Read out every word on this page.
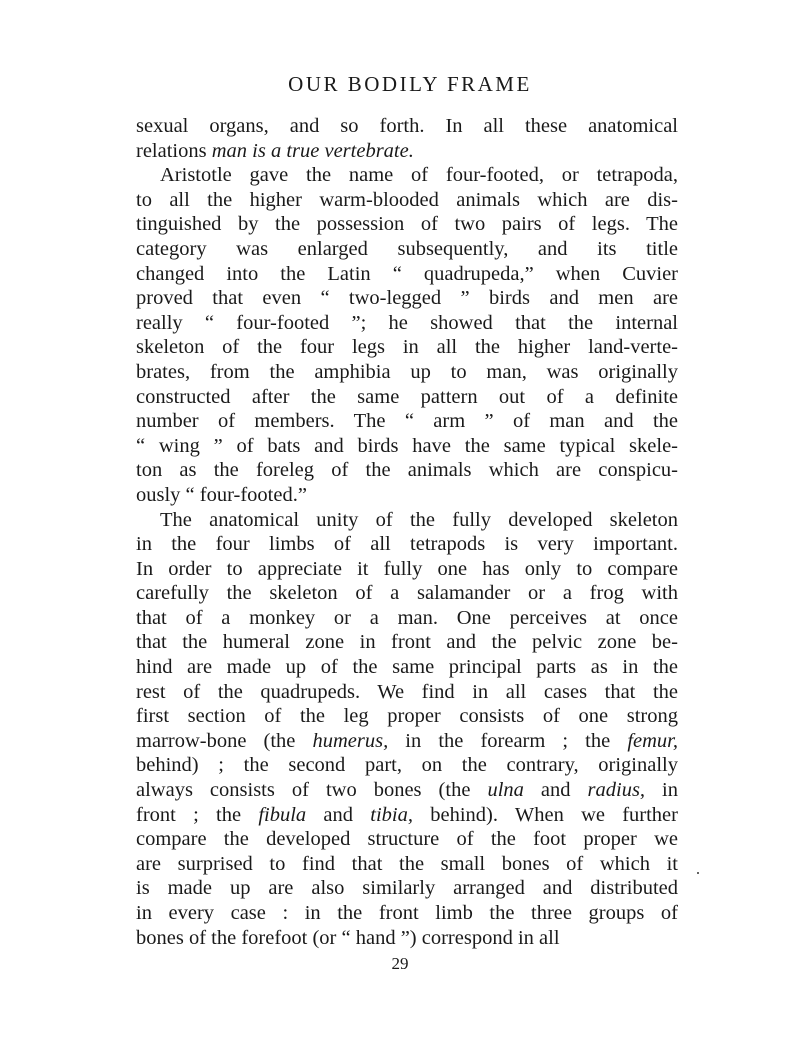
OUR BODILY FRAME

sexual organs, and so forth. In all these anatomical
relations man is a true vertebrate.

Aristotle gave the name of four-footed, or tetrapoda,
to all the higher warm-blooded animals which are dis-
tinguished by the possession of two pairs of legs. The
category was enlarged subsequently, and its title
changed into the Latin “ quadrupeda,” when Cuvier
proved that even “ two-legged ” birds and men are
really “ four-footed ”; he showed that the internal
skeleton of the four legs in all the higher land-verte-
brates, from the amphibia up to man, was originally
constructed after the same pattern out of a definite
number of members. The “ arm ” of man and the
“ wing ” of bats and birds have the same typical skele-
ton as the foreleg of the animals which are conspicu-
ously “ four-footed.”

The anatomical unity of the fully developed skeleton
in the four limbs of all tetrapods is very important.
In order to appreciate it fully one has only to compare
carefully the skeleton of a salamander or a frog with
that of a monkey or a man. One perceives at once
that the humeral zone in front and the pelvic zone be-
hind are made up of the same principal parts as in the
rest of the quadrupeds. We find in all cases that the
first section of the leg proper consists of one strong
marrow-bone (the humerus, in the forearm ; the femur,
behind) ; the second part, on the contrary, originally
always consists of two bones (the ulna and radius, in
front ; the fibula and tibia, behind). When we further
compare the developed structure of the foot proper we
are surprised to find that the small bones of which it
is made up are also similarly arranged and distributed
in every case : in the front limb the three groups of
bones of the forefoot (or “ hand ”) correspond in all

29
